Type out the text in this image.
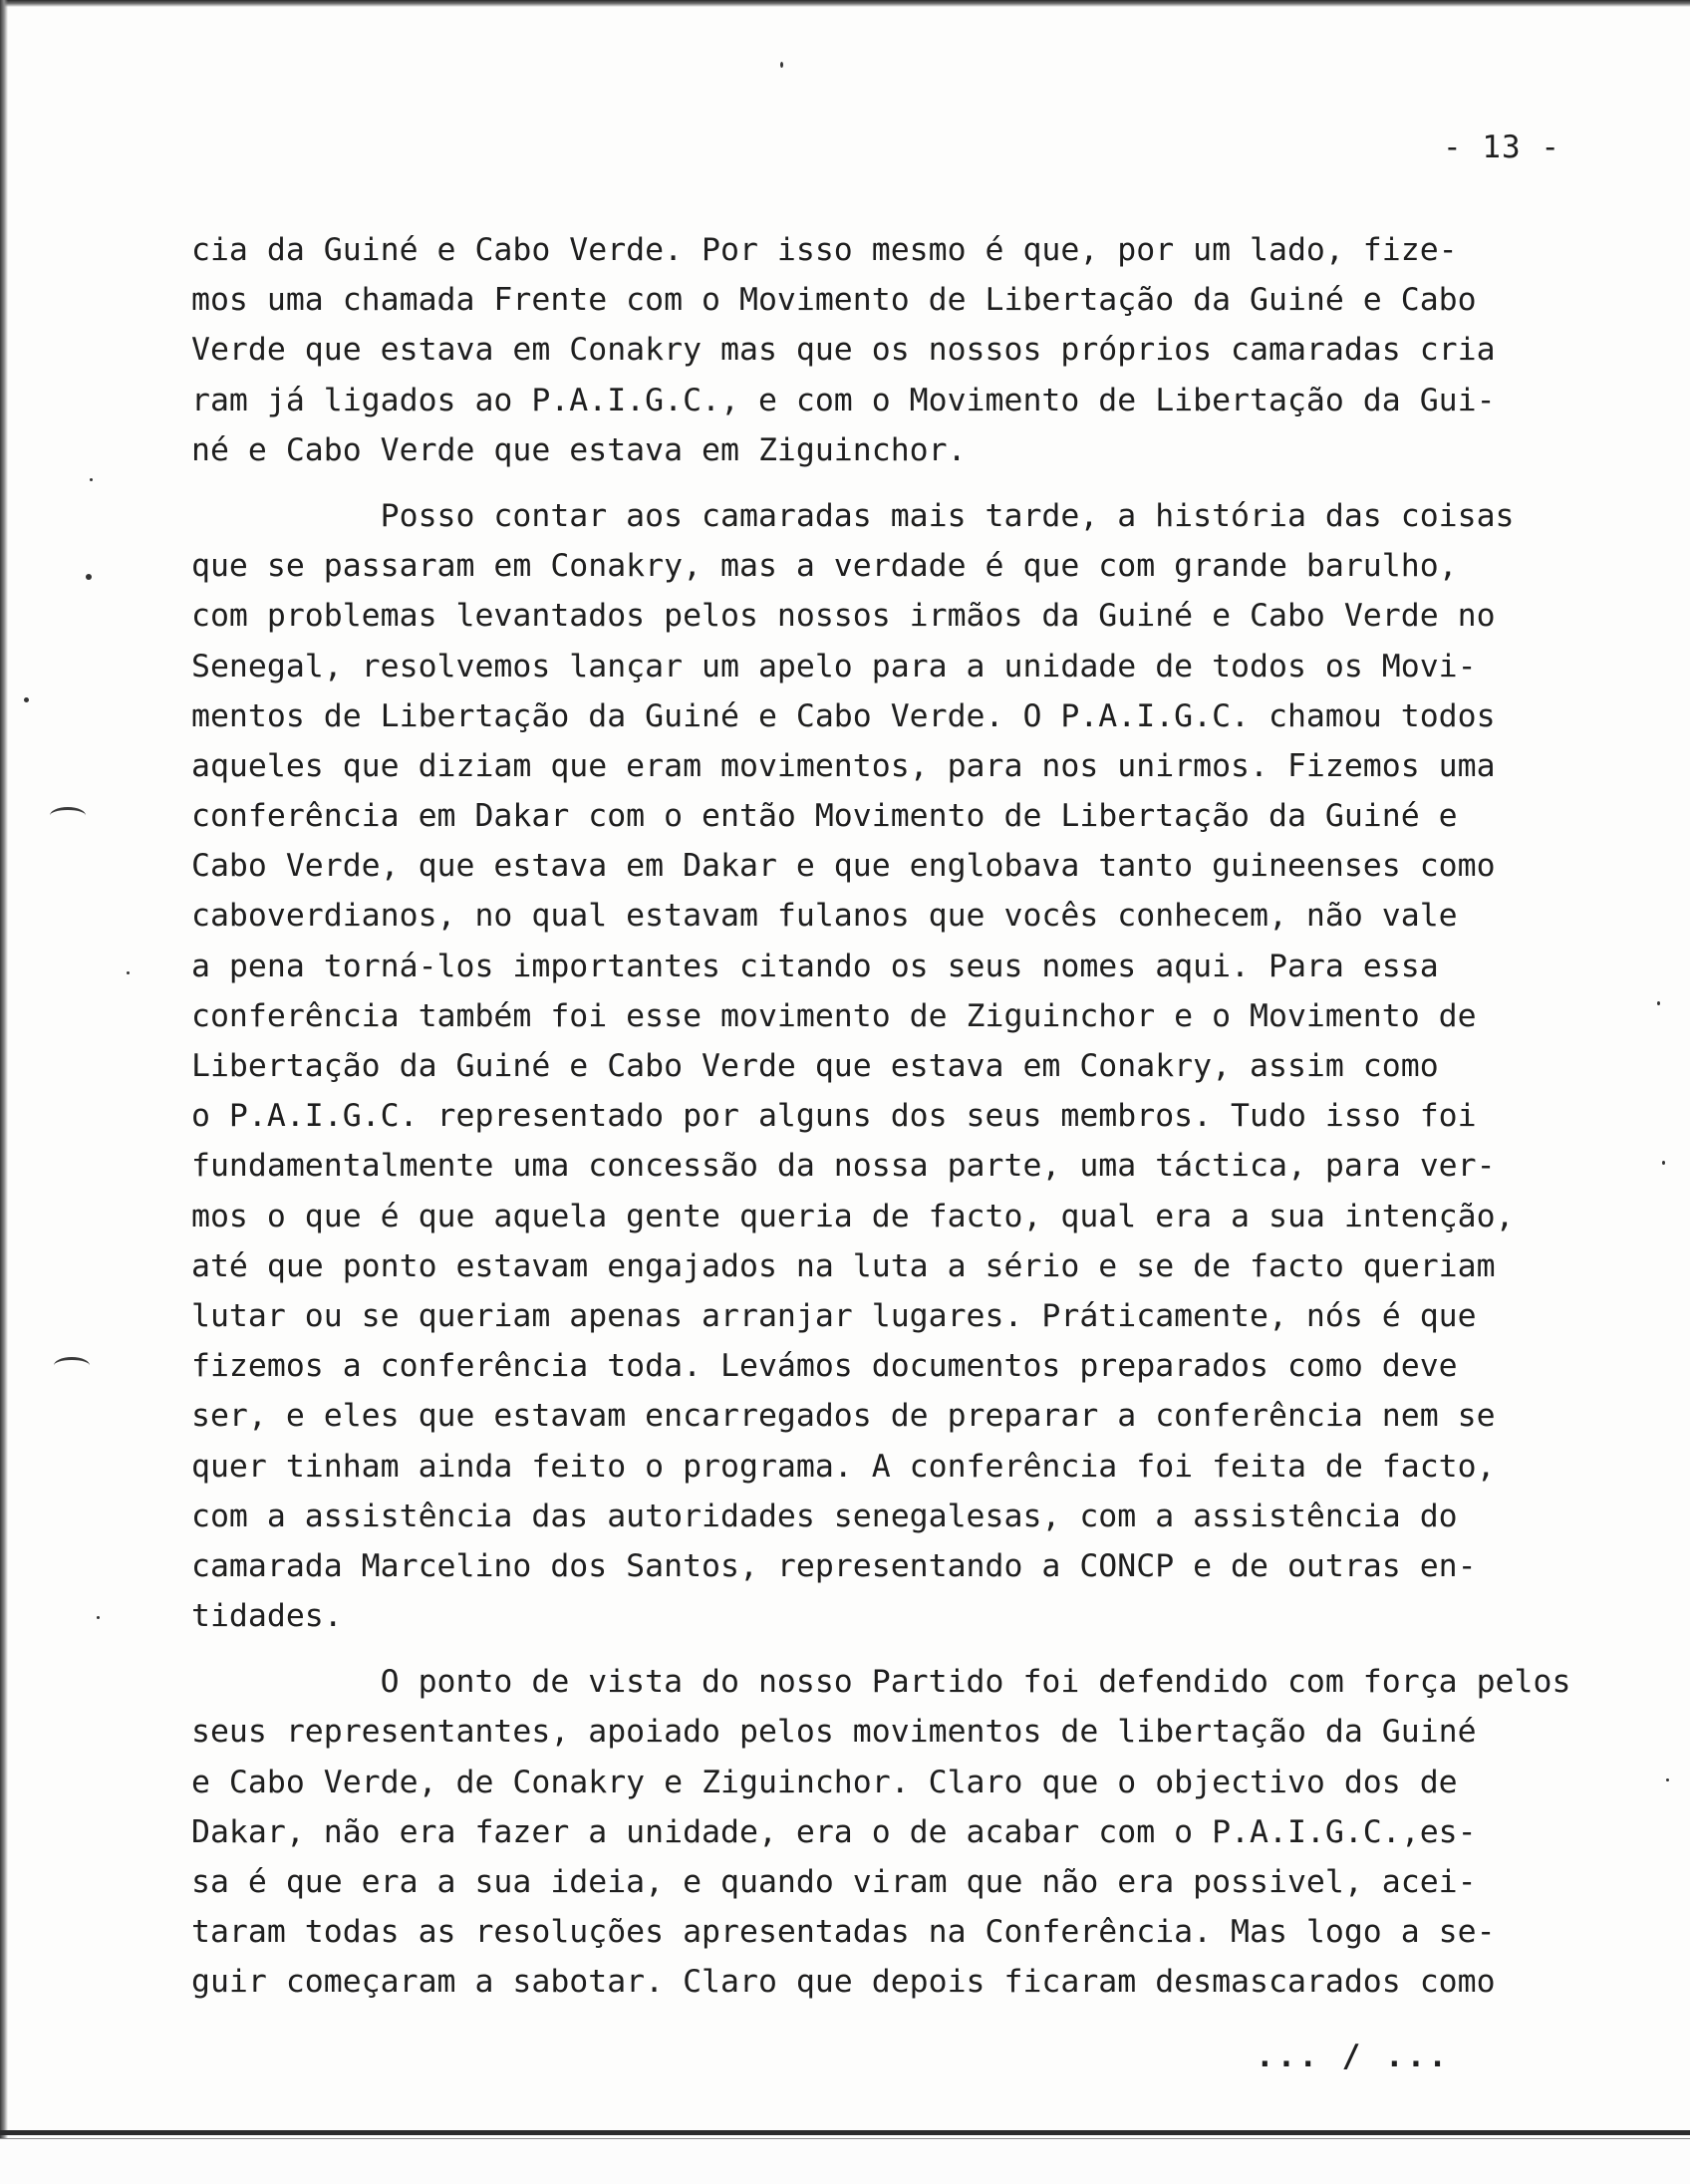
- 13 -
cia da Guiné e Cabo Verde. Por isso mesmo é que, por um lado, fize-
mos uma chamada Frente com o Movimento de Libertação da Guiné e Cabo
Verde que estava em Conakry mas que os nossos próprios camaradas cria
ram já ligados ao P.A.I.G.C., e com o Movimento de Libertação da Gui-
né e Cabo Verde que estava em Ziguinchor.
Posso contar aos camaradas mais tarde, a história das coisas
que se passaram em Conakry, mas a verdade é que com grande barulho,
com problemas levantados pelos nossos irmãos da Guiné e Cabo Verde no
Senegal, resolvemos lançar um apelo para a unidade de todos os Movi-
mentos de Libertação da Guiné e Cabo Verde. O P.A.I.G.C. chamou todos
aqueles que diziam que eram movimentos, para nos unirmos. Fizemos uma
conferência em Dakar com o então Movimento de Libertação da Guiné e
Cabo Verde, que estava em Dakar e que englobava tanto guineenses como
caboverdianos, no qual estavam fulanos que vocês conhecem, não vale
a pena torná-los importantes citando os seus nomes aqui. Para essa
conferência também foi esse movimento de Ziguinchor e o Movimento de
Libertação da Guiné e Cabo Verde que estava em Conakry, assim como
o P.A.I.G.C. representado por alguns dos seus membros. Tudo isso foi
fundamentalmente uma concessão da nossa parte, uma táctica, para ver-
mos o que é que aquela gente queria de facto, qual era a sua intenção,
até que ponto estavam engajados na luta a sério e se de facto queriam
lutar ou se queriam apenas arranjar lugares. Práticamente, nós é que
fizemos a conferência toda. Levámos documentos preparados como deve
ser, e eles que estavam encarregados de preparar a conferência nem se
quer tinham ainda feito o programa. A conferência foi feita de facto,
com a assistência das autoridades senegalesas, com a assistência do
camarada Marcelino dos Santos, representando a CONCP e de outras en-
tidades.
O ponto de vista do nosso Partido foi defendido com força pelos
seus representantes, apoiado pelos movimentos de libertação da Guiné
e Cabo Verde, de Conakry e Ziguinchor. Claro que o objectivo dos de
Dakar, não era fazer a unidade, era o de acabar com o P.A.I.G.C.,es-
sa é que era a sua ideia, e quando viram que não era possivel, acei-
taram todas as resoluções apresentadas na Conferência. Mas logo a se-
guir começaram a sabotar. Claro que depois ficaram desmascarados como
... / ...
